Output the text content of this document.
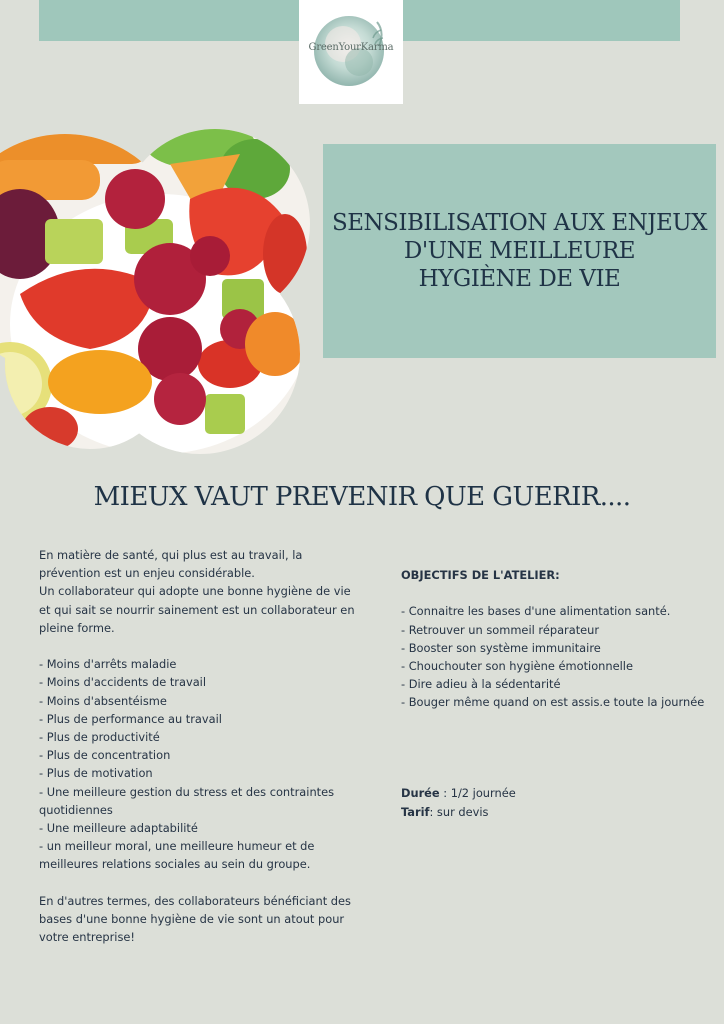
GreenYourKarma
SENSIBILISATION AUX ENJEUX
D'UNE MEILLEURE
HYGIÈNE DE VIE
MIEUX VAUT PREVENIR QUE GUERIR....

En matière de santé, qui plus est au travail, la prévention est un enjeu considérable.

Un collaborateur qui adopte une bonne hygiène de vie et qui sait se nourrir sainement est un collaborateur en pleine forme.

- Moins d'arrêts maladie
- Moins d'accidents de travail
- Moins d'absentéisme
- Plus de performance au travail
- Plus de productivité
- Plus de concentration
- Plus de motivation
- Une meilleure gestion du stress et des contraintes quotidiennes
- Une meilleure adaptabilité
- un meilleur moral, une meilleure humeur et de meilleures relations sociales au sein du groupe.

En d'autres termes, des collaborateurs bénéficiant des bases d'une bonne hygiène de vie sont un atout pour votre entreprise!

OBJECTIFS DE L'ATELIER:

- Connaitre les bases d'une alimentation santé.
- Retrouver un sommeil réparateur
- Booster son système immunitaire
- Chouchouter son hygiène émotionnelle
- Dire adieu à la sédentarité
- Bouger même quand on est assis.e toute la journée

Durée : 1/2 journée

Tarif: sur devis
